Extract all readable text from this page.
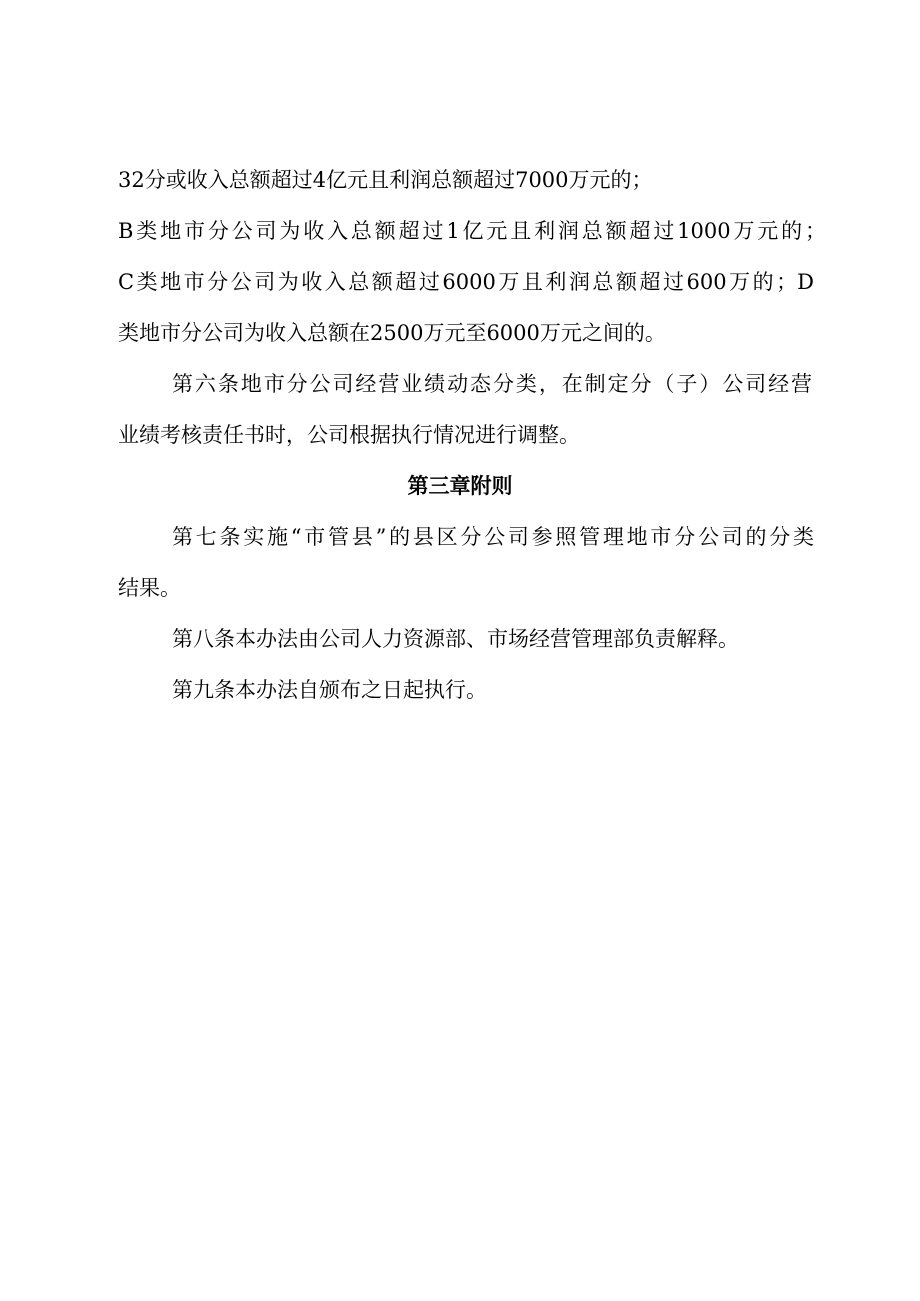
32分或收入总额超过4亿元且利润总额超过7000万元的；
B类地市分公司为收入总额超过1亿元且利润总额超过1000万元的；
C类地市分公司为收入总额超过6000万且利润总额超过600万的；D
类地市分公司为收入总额在2500万元至6000万元之间的。
第六条地市分公司经营业绩动态分类，在制定分（子）公司经营
业绩考核责任书时，公司根据执行情况进行调整。
第三章附则
第七条实施“市管县”的县区分公司参照管理地市分公司的分类
结果。
第八条本办法由公司人力资源部、市场经营管理部负责解释。
第九条本办法自颁布之日起执行。
